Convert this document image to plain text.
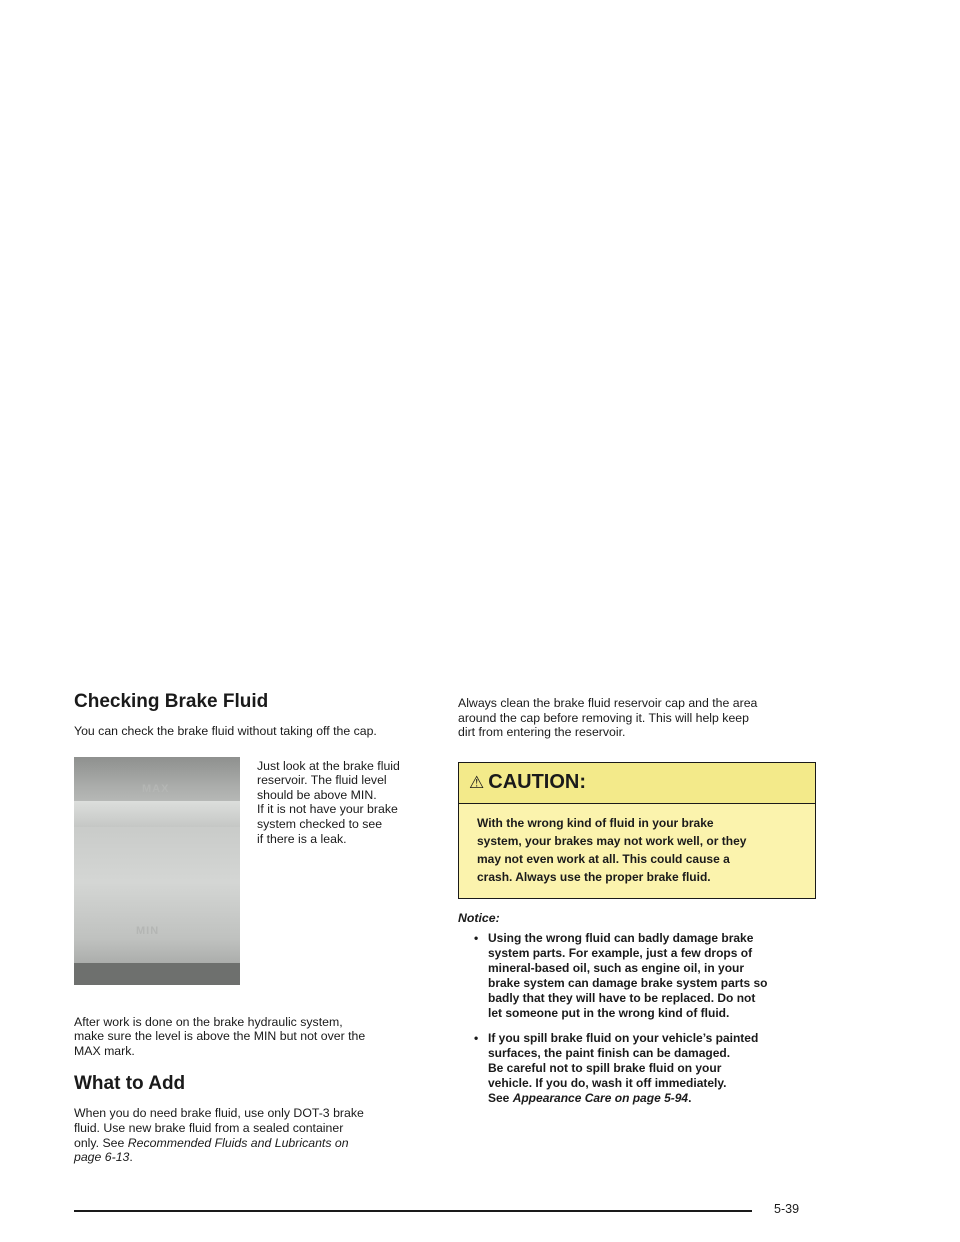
Checking Brake Fluid

You can check the brake fluid without taking off the cap.

MAX
MIN

Just look at the brake fluid

reservoir. The fluid level

should be above MIN.

If it is not have your brake

system checked to see

if there is a leak.

After work is done on the brake hydraulic system,

make sure the level is above the MIN but not over the

MAX mark.

What to Add

When you do need brake fluid, use only DOT-3 brake

fluid. Use new brake fluid from a sealed container

only. See Recommended Fluids and Lubricants on

page 6-13.

Always clean the brake fluid reservoir cap and the area

around the cap before removing it. This will help keep

dirt from entering the reservoir.

⚠ CAUTION:
With the wrong kind of fluid in your brake
system, your brakes may not work well, or they
may not even work at all. This could cause a
crash. Always use the proper brake fluid.
Notice:
• Using the wrong fluid can badly damage brake
system parts. For example, just a few drops of
mineral-based oil, such as engine oil, in your
brake system can damage brake system parts so
badly that they will have to be replaced. Do not
let someone put in the wrong kind of fluid.
• If you spill brake fluid on your vehicle’s painted
surfaces, the paint finish can be damaged.
Be careful not to spill brake fluid on your
vehicle. If you do, wash it off immediately.
See Appearance Care on page 5-94.
5-39
